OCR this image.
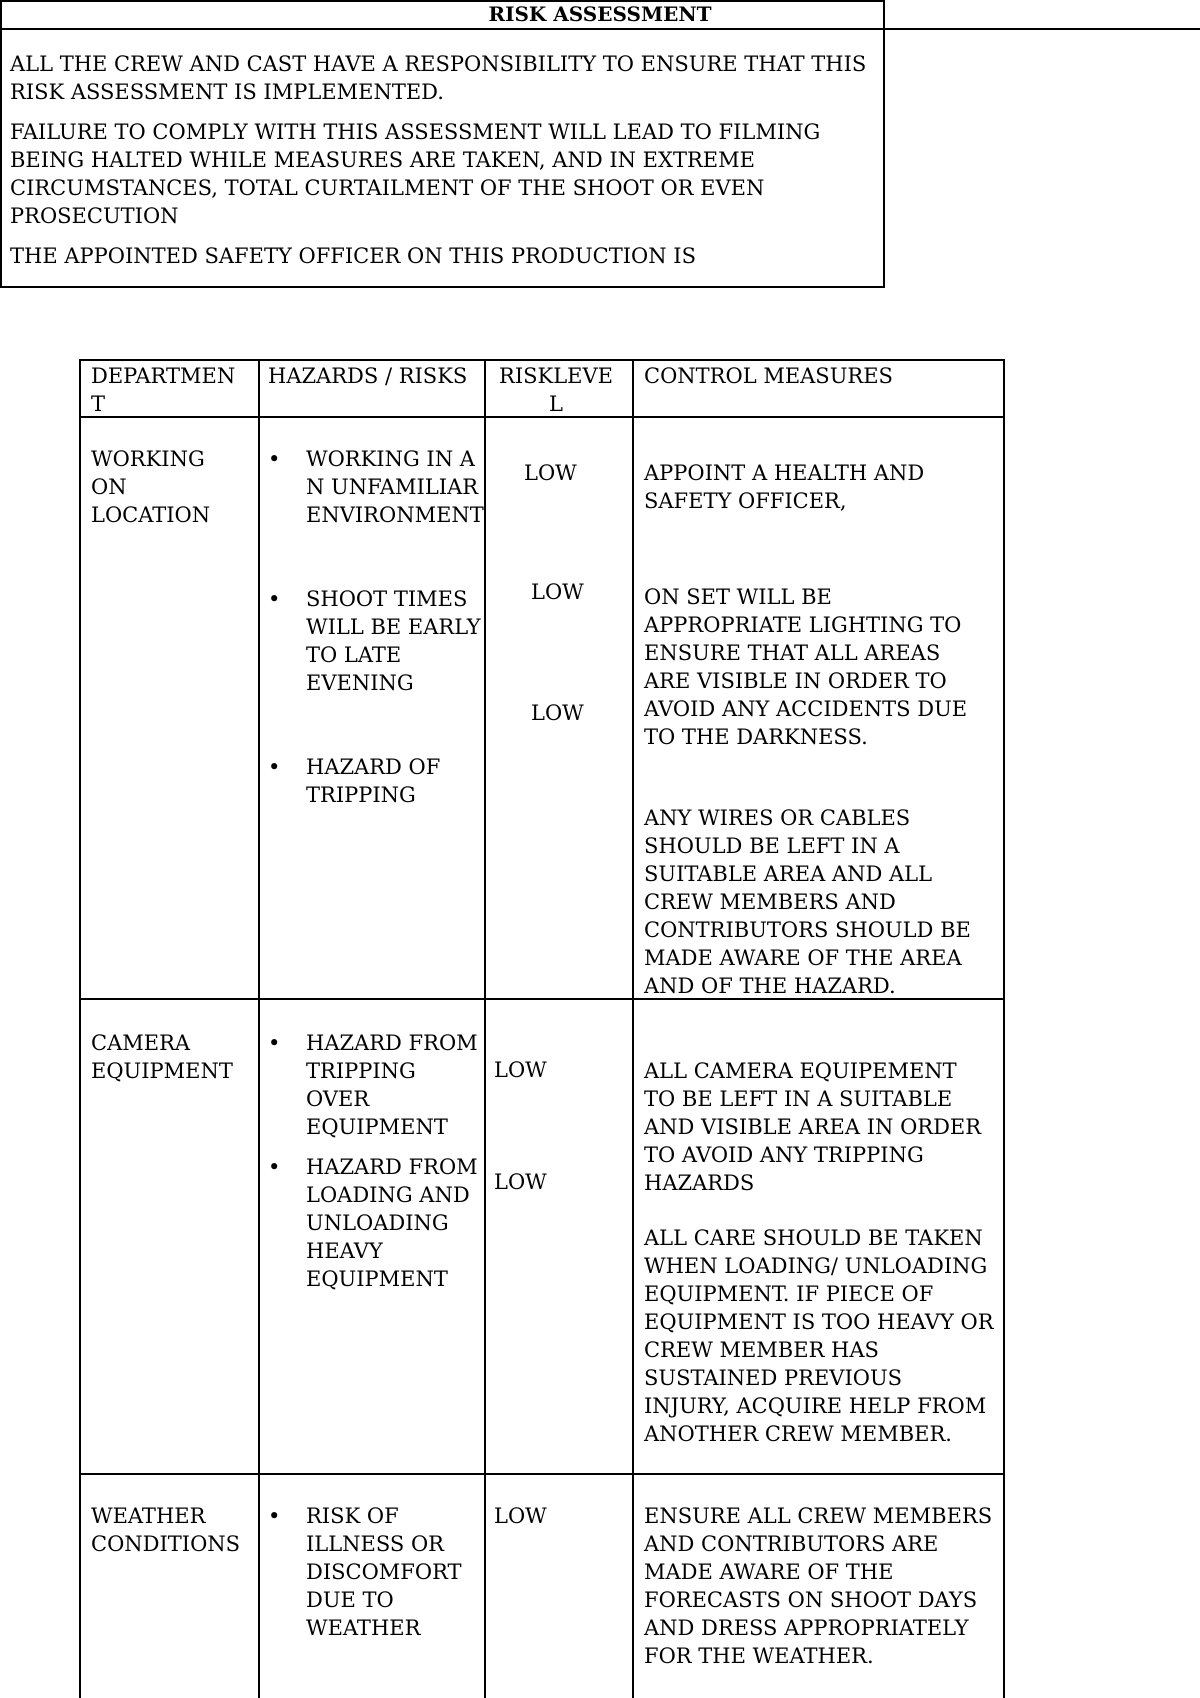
RISK ASSESSMENT

ALL THE CREW AND CAST HAVE A RESPONSIBILITY TO ENSURE THAT THIS RISK ASSESSMENT IS IMPLEMENTED.

FAILURE TO COMPLY WITH THIS ASSESSMENT WILL LEAD TO FILMING BEING HALTED WHILE MEASURES ARE TAKEN, AND IN EXTREME CIRCUMSTANCES, TOTAL CURTAILMENT OF THE SHOOT OR EVEN PROSECUTION

THE APPOINTED SAFETY OFFICER ON THIS PRODUCTION IS

DEPARTMENT
HAZARDS / RISKS	RISKLEVEL
CONTROL MEASURES
WORKING ON LOCATION
• WORKING IN AN UNFAMILIAR ENVIRONMENT
• SHOOT TIMES WILL BE EARLY TO LATE EVENING
• HAZARD OF TRIPPING
LOW
LOW
LOW
APPOINT A HEALTH AND SAFETY OFFICER,
ON SET WILL BE APPROPRIATE LIGHTING TO ENSURE THAT ALL AREAS ARE VISIBLE IN ORDER TO AVOID ANY ACCIDENTS DUE TO THE DARKNESS.
ANY WIRES OR CABLES SHOULD BE LEFT IN A SUITABLE AREA AND ALL CREW MEMBERS AND CONTRIBUTORS SHOULD BE MADE AWARE OF THE AREA AND OF THE HAZARD.
CAMERA EQUIPMENT
• HAZARD FROM TRIPPING OVER EQUIPMENT
• HAZARD FROM LOADING AND UNLOADING HEAVY EQUIPMENT
LOW
LOW
ALL CAMERA EQUIPEMENT TO BE LEFT IN A SUITABLE AND VISIBLE AREA IN ORDER TO AVOID ANY TRIPPING HAZARDS
ALL CARE SHOULD BE TAKEN WHEN LOADING/ UNLOADING EQUIPMENT. IF PIECE OF EQUIPMENT IS TOO HEAVY OR CREW MEMBER HAS SUSTAINED PREVIOUS INJURY, ACQUIRE HELP FROM ANOTHER CREW MEMBER.
WEATHER CONDITIONS
• RISK OF ILLNESS OR DISCOMFORT DUE TO WEATHER
LOW	ENSURE ALL CREW MEMBERS AND CONTRIBUTORS ARE MADE AWARE OF THE FORECASTS ON SHOOT DAYS AND DRESS APPROPRIATELY FOR THE WEATHER.
